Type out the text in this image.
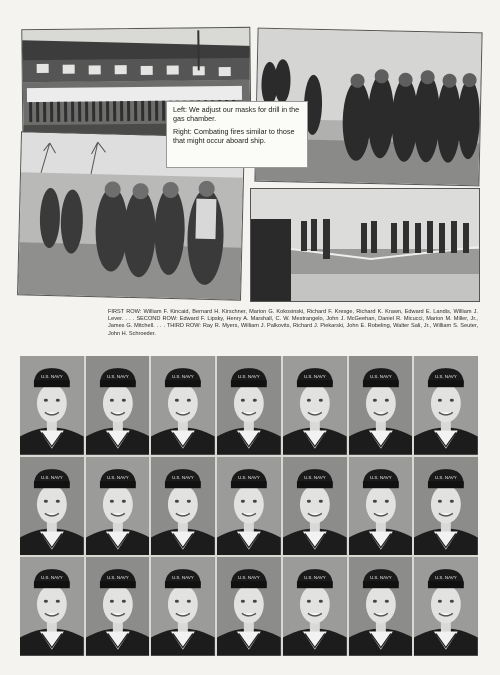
Left: We adjust our masks for drill in the gas chamber.

Right: Combating fires similar to those that might occur aboard ship.

FIRST ROW: William F. Kincaid, Bernard H. Kirschner, Marion G. Kokosinski, Richard F. Kresge, Richard K. Krawn, Edward E. Landis, William J. Lever. . . . SECOND ROW: Edward F. Lipsky, Henry A. Marshall, C. W. Mestrangelo, John J. McGeehan, Daniel R. Micucci, Marion M. Miller, Jr., James G. Mitchell. . . . THIRD ROW: Ray R. Myers, William J. Palkovits, Richard J. Piekarski, John E. Robeling, Walter Sali, Jr., William S. Seuter, John H. Schroeder.
U.S. NAVY	U.S. NAVY	U.S. NAVY	U.S. NAVY	U.S. NAVY	U.S. NAVY	U.S. NAVY
U.S. NAVY	U.S. NAVY	U.S. NAVY	U.S. NAVY	U.S. NAVY	U.S. NAVY	U.S. NAVY
U.S. NAVY	U.S. NAVY	U.S. NAVY	U.S. NAVY	U.S. NAVY	U.S. NAVY	U.S. NAVY
